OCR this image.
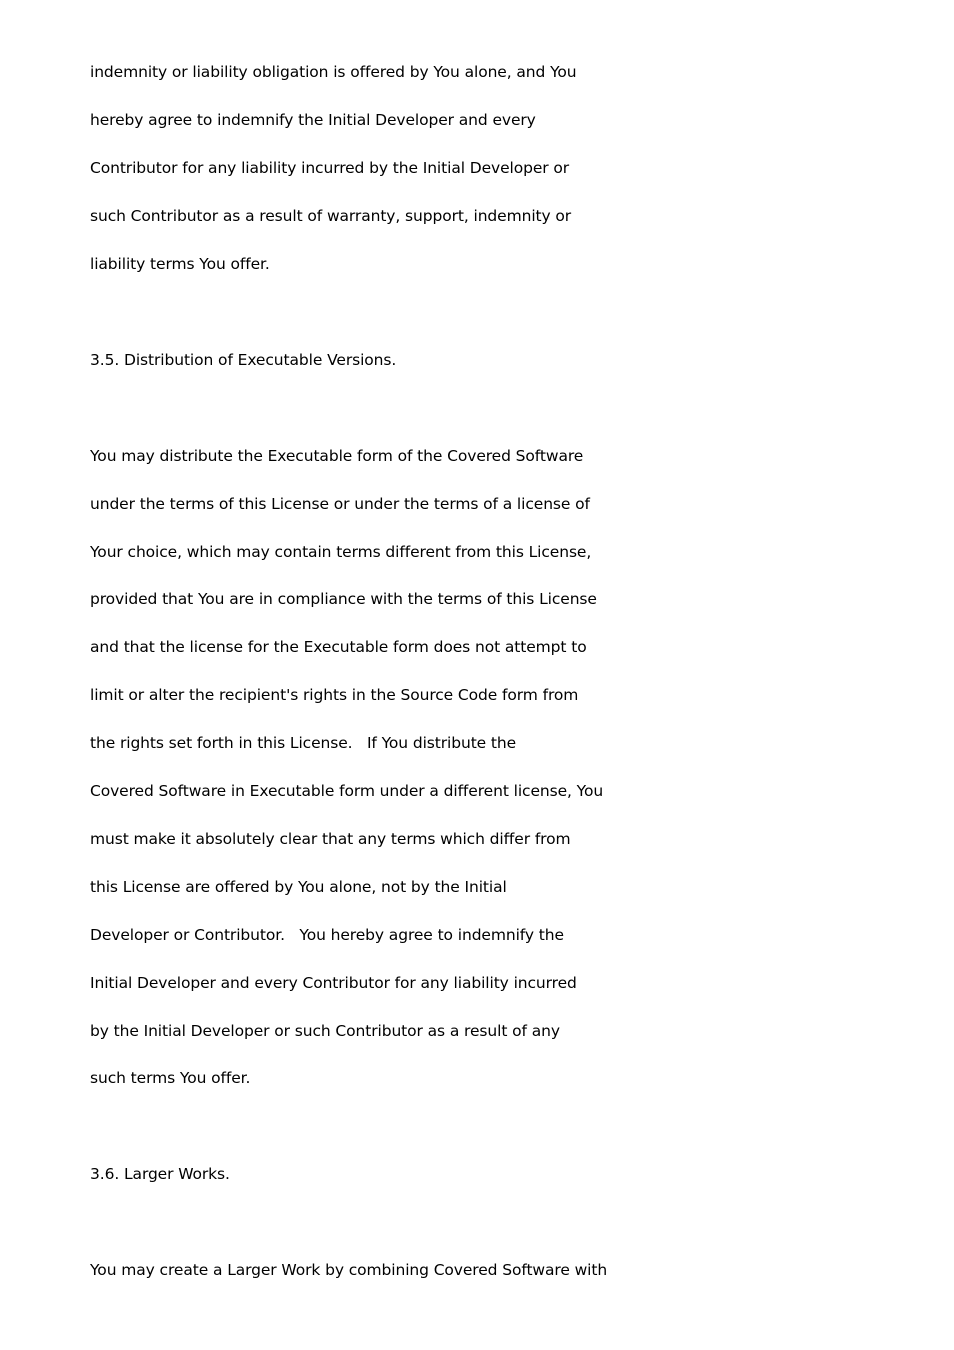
indemnity or liability obligation is offered by You alone, and You
hereby agree to indemnify the Initial Developer and every
Contributor for any liability incurred by the Initial Developer or
such Contributor as a result of warranty, support, indemnity or
liability terms You offer.
3.5. Distribution of Executable Versions.
You may distribute the Executable form of the Covered Software
under the terms of this License or under the terms of a license of
Your choice, which may contain terms different from this License,
provided that You are in compliance with the terms of this License
and that the license for the Executable form does not attempt to
limit or alter the recipient's rights in the Source Code form from
the rights set forth in this License.   If You distribute the
Covered Software in Executable form under a different license, You
must make it absolutely clear that any terms which differ from
this License are offered by You alone, not by the Initial
Developer or Contributor.   You hereby agree to indemnify the
Initial Developer and every Contributor for any liability incurred
by the Initial Developer or such Contributor as a result of any
such terms You offer.
3.6. Larger Works.
You may create a Larger Work by combining Covered Software with
